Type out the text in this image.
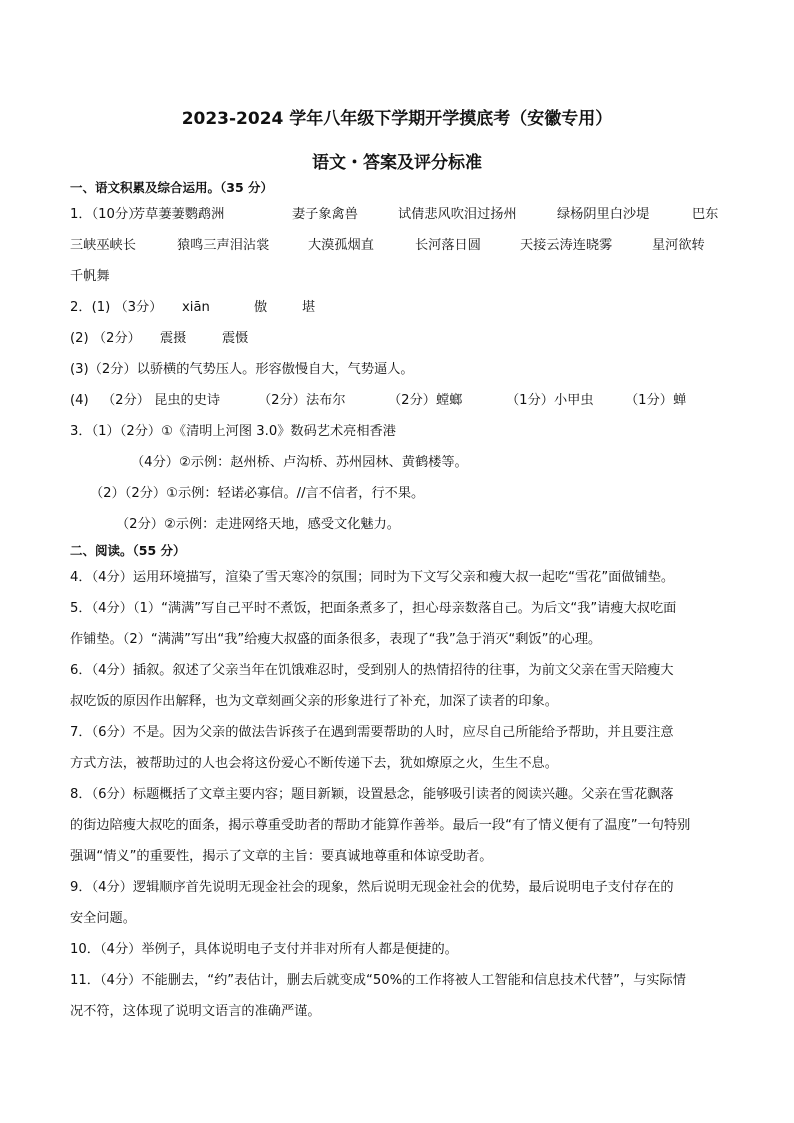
2023-2024 学年八年级下学期开学摸底考（安徽专用）
语文・答案及评分标准
一、语文积累及综合运用。（35 分）
1．（10分）
芳草萋萋鹦鹉洲	妻子象禽兽	试倩悲风吹泪过扬州	绿杨阴里白沙堤	巴东
三峡巫峡长	猿鸣三声泪沾裳	大漠孤烟直	长河落日圆	天接云涛连晓雾	星河欲转
千帆舞
2．(1) （3分） xiān	傲	堪
(2) （2分） 震摄	震慑
(3)（2分）以骄横的气势压人。形容傲慢自大，气势逼人。
(4) （2分） 昆虫的史诗	（2分）法布尔	（2分）螳螂	（1分）小甲虫 （1分）蝉
3．（1）（2分）①《清明上河图 3.0》数码艺术亮相香港
（4分）②示例：赵州桥、卢沟桥、苏州园林、黄鹤楼等。
（2）（2分）①示例：轻诺必寡信。//言不信者，行不果。
（2分）②示例：走进网络天地，感受文化魅力。
二、阅读。（55 分）
4．（4分）运用环境描写，渲染了雪天寒冷的氛围；同时为下文写父亲和瘦大叔一起吃“雪花”面做铺垫。
5．（4分）（1）“满满”写自己平时不煮饭，把面条煮多了，担心母亲数落自己。为后文“我”请瘦大叔吃面
作铺垫。（2）“满满”写出“我”给瘦大叔盛的面条很多，表现了“我”急于消灭“剩饭”的心理。
6．（4分）插叙。叙述了父亲当年在饥饿难忍时，受到别人的热情招待的往事，为前文父亲在雪天陪瘦大
叔吃饭的原因作出解释，也为文章刻画父亲的形象进行了补充，加深了读者的印象。
7．（6分）不是。因为父亲的做法告诉孩子在遇到需要帮助的人时，应尽自己所能给予帮助，并且要注意
方式方法，被帮助过的人也会将这份爱心不断传递下去，犹如燎原之火，生生不息。
8．（6分）标题概括了文章主要内容；题目新颖，设置悬念，能够吸引读者的阅读兴趣。父亲在雪花飘落
的街边陪瘦大叔吃的面条，揭示尊重受助者的帮助才能算作善举。最后一段“有了情义便有了温度”一句特别
强调“情义”的重要性，揭示了文章的主旨：要真诚地尊重和体谅受助者。
9．（4分）逻辑顺序首先说明无现金社会的现象，然后说明无现金社会的优势，最后说明电子支付存在的
安全问题。
10．（4分）举例子，具体说明电子支付并非对所有人都是便捷的。
11．（4分）不能删去，“约”表估计，删去后就变成“50%的工作将被人工智能和信息技术代替”，与实际情
况不符，这体现了说明文语言的准确严谨。
